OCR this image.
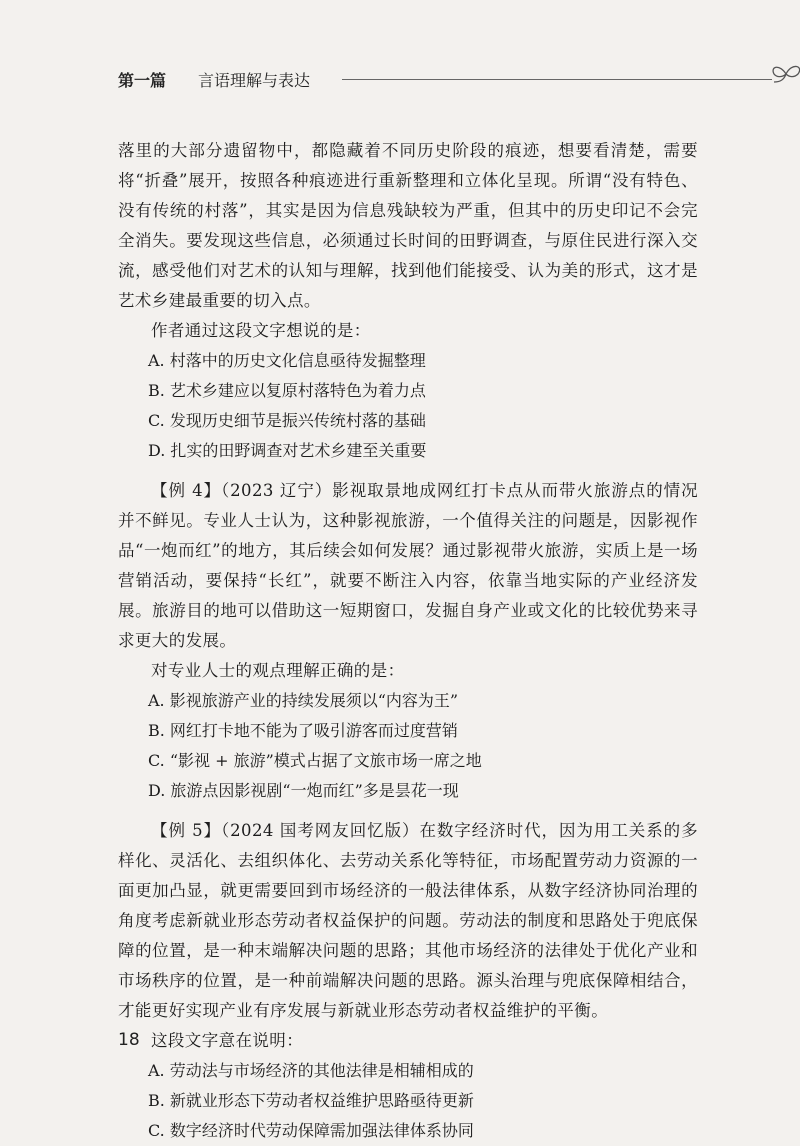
第一篇 言语理解与表达

落里的大部分遗留物中，都隐藏着不同历史阶段的痕迹，想要看清楚，需要将“折叠”展开，按照各种痕迹进行重新整理和立体化呈现。所谓“没有特色、没有传统的村落”，其实是因为信息残缺较为严重，但其中的历史印记不会完全消失。要发现这些信息，必须通过长时间的田野调查，与原住民进行深入交流，感受他们对艺术的认知与理解，找到他们能接受、认为美的形式，这才是艺术乡建最重要的切入点。

作者通过这段文字想说的是：

A. 村落中的历史文化信息亟待发掘整理

B. 艺术乡建应以复原村落特色为着力点

C. 发现历史细节是振兴传统村落的基础

D. 扎实的田野调查对艺术乡建至关重要

【例 4】（2023 辽宁）影视取景地成网红打卡点从而带火旅游点的情况并不鲜见。专业人士认为，这种影视旅游，一个值得关注的问题是，因影视作品“一炮而红”的地方，其后续会如何发展？通过影视带火旅游，实质上是一场营销活动，要保持“长红”，就要不断注入内容，依靠当地实际的产业经济发展。旅游目的地可以借助这一短期窗口，发掘自身产业或文化的比较优势来寻求更大的发展。

对专业人士的观点理解正确的是：

A. 影视旅游产业的持续发展须以“内容为王”

B. 网红打卡地不能为了吸引游客而过度营销

C. “影视 + 旅游”模式占据了文旅市场一席之地

D. 旅游点因影视剧“一炮而红”多是昙花一现

【例 5】（2024 国考网友回忆版）在数字经济时代，因为用工关系的多样化、灵活化、去组织体化、去劳动关系化等特征，市场配置劳动力资源的一面更加凸显，就更需要回到市场经济的一般法律体系，从数字经济协同治理的角度考虑新就业形态劳动者权益保护的问题。劳动法的制度和思路处于兜底保障的位置，是一种末端解决问题的思路；其他市场经济的法律处于优化产业和市场秩序的位置，是一种前端解决问题的思路。源头治理与兜底保障相结合，才能更好实现产业有序发展与新就业形态劳动者权益维护的平衡。

这段文字意在说明：

A. 劳动法与市场经济的其他法律是相辅相成的

B. 新就业形态下劳动者权益维护思路亟待更新

C. 数字经济时代劳动保障需加强法律体系协同

18
